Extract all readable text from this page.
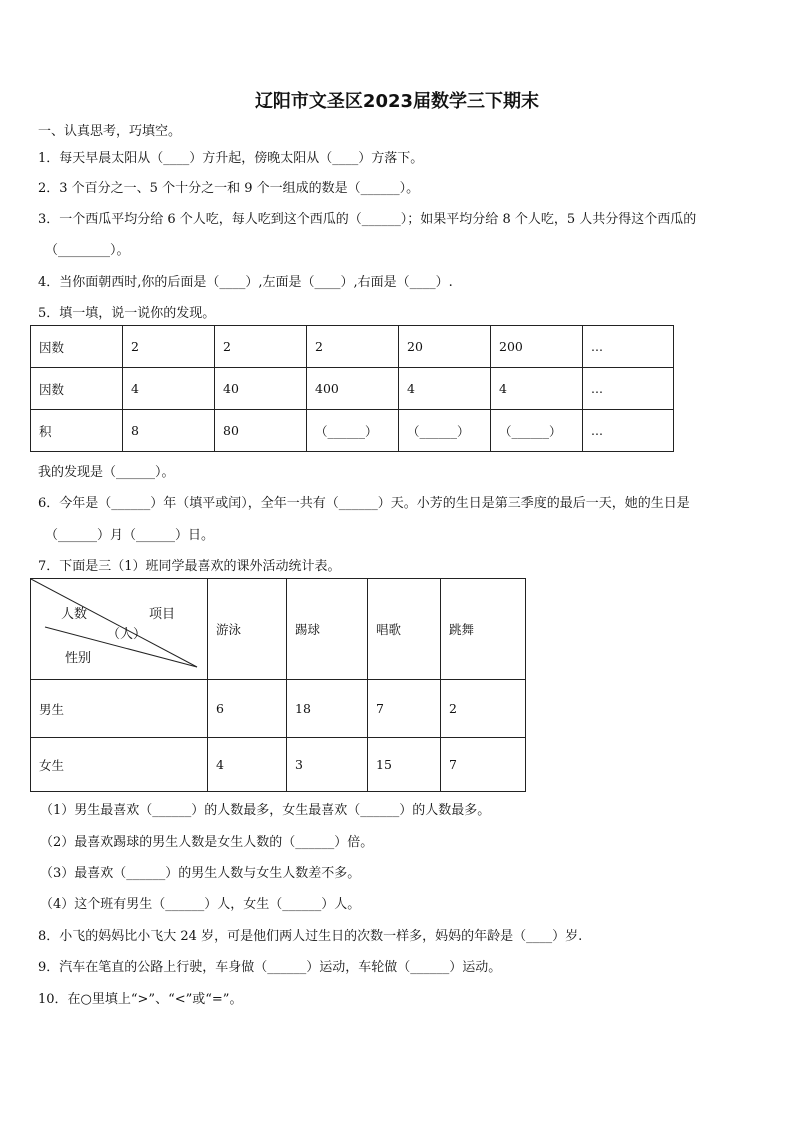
辽阳市文圣区2023届数学三下期末
一、认真思考，巧填空。
1．每天早晨太阳从（____）方升起，傍晚太阳从（____）方落下。
2．3 个百分之一、5 个十分之一和 9 个一组成的数是（______）。
3．一个西瓜平均分给 6 个人吃，每人吃到这个西瓜的（______）；如果平均分给 8 个人吃，5 人共分得这个西瓜的
（________）。
4．当你面朝西时,你的后面是（____）,左面是（____）,右面是（____）.
5．填一填，说一说你的发现。
因数	2	2	2	20	200	...
因数	4	40	400	4	4	...
积	8	80	（______）	（______）	（______）	...
我的发现是（______）。
6．今年是（______）年（填平或闰），全年一共有（______）天。小芳的生日是第三季度的最后一天，她的生日是
（______）月（______）日。
7．下面是三（1）班同学最喜欢的课外活动统计表。
项目
人数
（人）
性别	游泳	踢球	唱歌	跳舞
男生	6	18	7	2
女生	4	3	15	7
（1）男生最喜欢（______）的人数最多，女生最喜欢（______）的人数最多。
（2）最喜欢踢球的男生人数是女生人数的（______）倍。
（3）最喜欢（______）的男生人数与女生人数差不多。
（4）这个班有男生（______）人，女生（______）人。
8．小飞的妈妈比小飞大 24 岁，可是他们两人过生日的次数一样多，妈妈的年龄是（____）岁.
9．汽车在笔直的公路上行驶，车身做（______）运动，车轮做（______）运动。
10．在○里填上“>”、“<”或“=”。
